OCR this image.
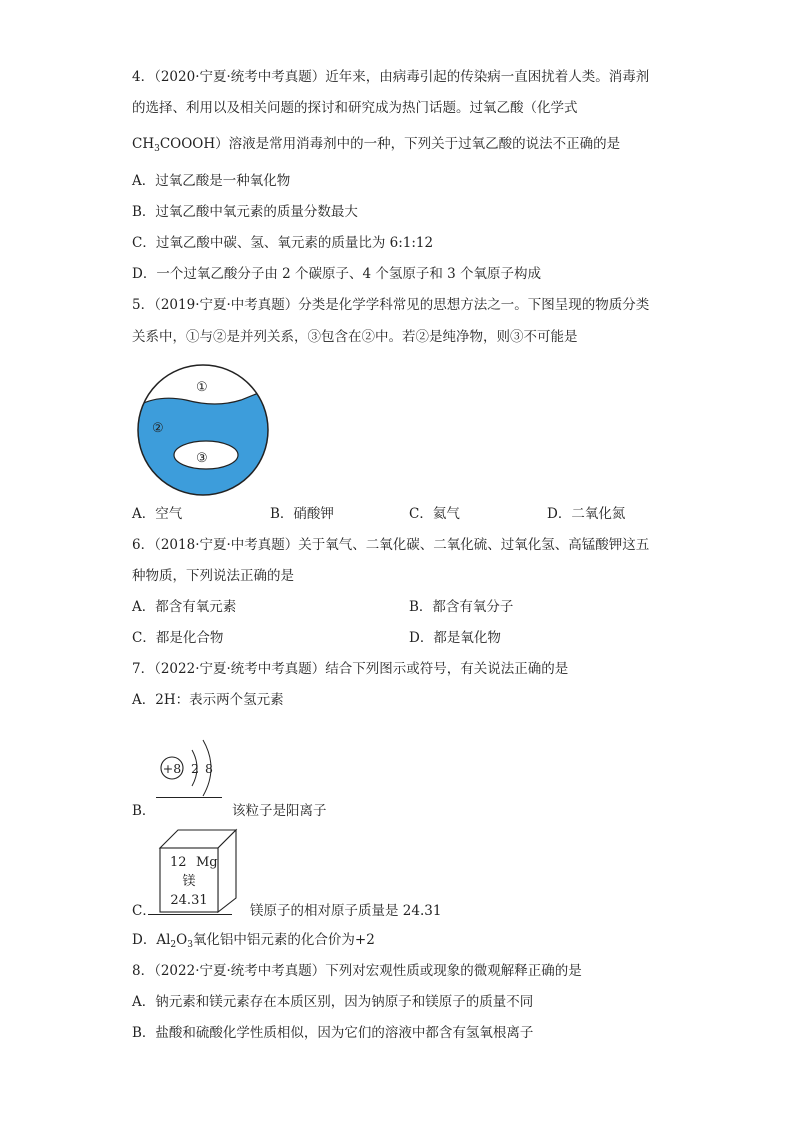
4．（2020·宁夏·统考中考真题）近年来，由病毒引起的传染病一直困扰着人类。消毒剂
的选择、利用以及相关问题的探讨和研究成为热门话题。过氧乙酸（化学式
$CH_3COOOH$）溶液是常用消毒剂中的一种，下列关于过氧乙酸的说法不正确的是
A．过氧乙酸是一种氧化物
B．过氧乙酸中氧元素的质量分数最大
C．过氧乙酸中碳、氢、氧元素的质量比为 6:1:12
D．一个过氧乙酸分子由 2 个碳原子、4 个氢原子和 3 个氧原子构成
5．（2019·宁夏·中考真题）分类是化学学科常见的思想方法之一。下图呈现的物质分类
关系中，①与②是并列关系，③包含在②中。若②是纯净物，则③不可能是
①
②
③
A．空气	B．硝酸钾	C．氦气	D．二氧化氮
6．（2018·宁夏·中考真题）关于氧气、二氧化碳、二氧化硫、过氧化氢、高锰酸钾这五
种物质，下列说法正确的是
A．都含有氧元素	B．都含有氧分子
C．都是化合物	D．都是氧化物
7．（2022·宁夏·统考中考真题）结合下列图示或符号，有关说法正确的是
A．2H：表示两个氢元素
+8 2 8
B．	该粒子是阳离子
12 Mg
镁
24.31
C．	镁原子的相对原子质量是 24.31
D．$Al_2O_3$氧化铝中铝元素的化合价为+2
8．（2022·宁夏·统考中考真题）下列对宏观性质或现象的微观解释正确的是
A．钠元素和镁元素存在本质区别，因为钠原子和镁原子的质量不同
B．盐酸和硫酸化学性质相似，因为它们的溶液中都含有氢氧根离子
